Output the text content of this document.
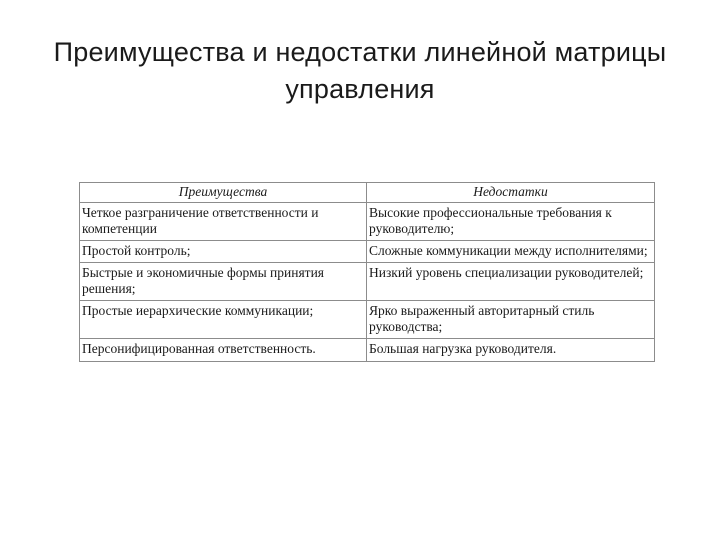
Преимущества и недостатки линейной матрицы управления
Преимущества	Недостатки
Четкое разграничение ответственности и компетенции	Высокие профессиональные требования к руководителю;
Простой контроль;	Сложные коммуникации между исполнителями;
Быстрые и экономичные формы принятия решения;	Низкий уровень специализации руководителей;
Простые иерархические коммуникации;	Ярко выраженный авторитарный стиль руководства;
Персонифицированная ответственность.	Большая нагрузка руководителя.
